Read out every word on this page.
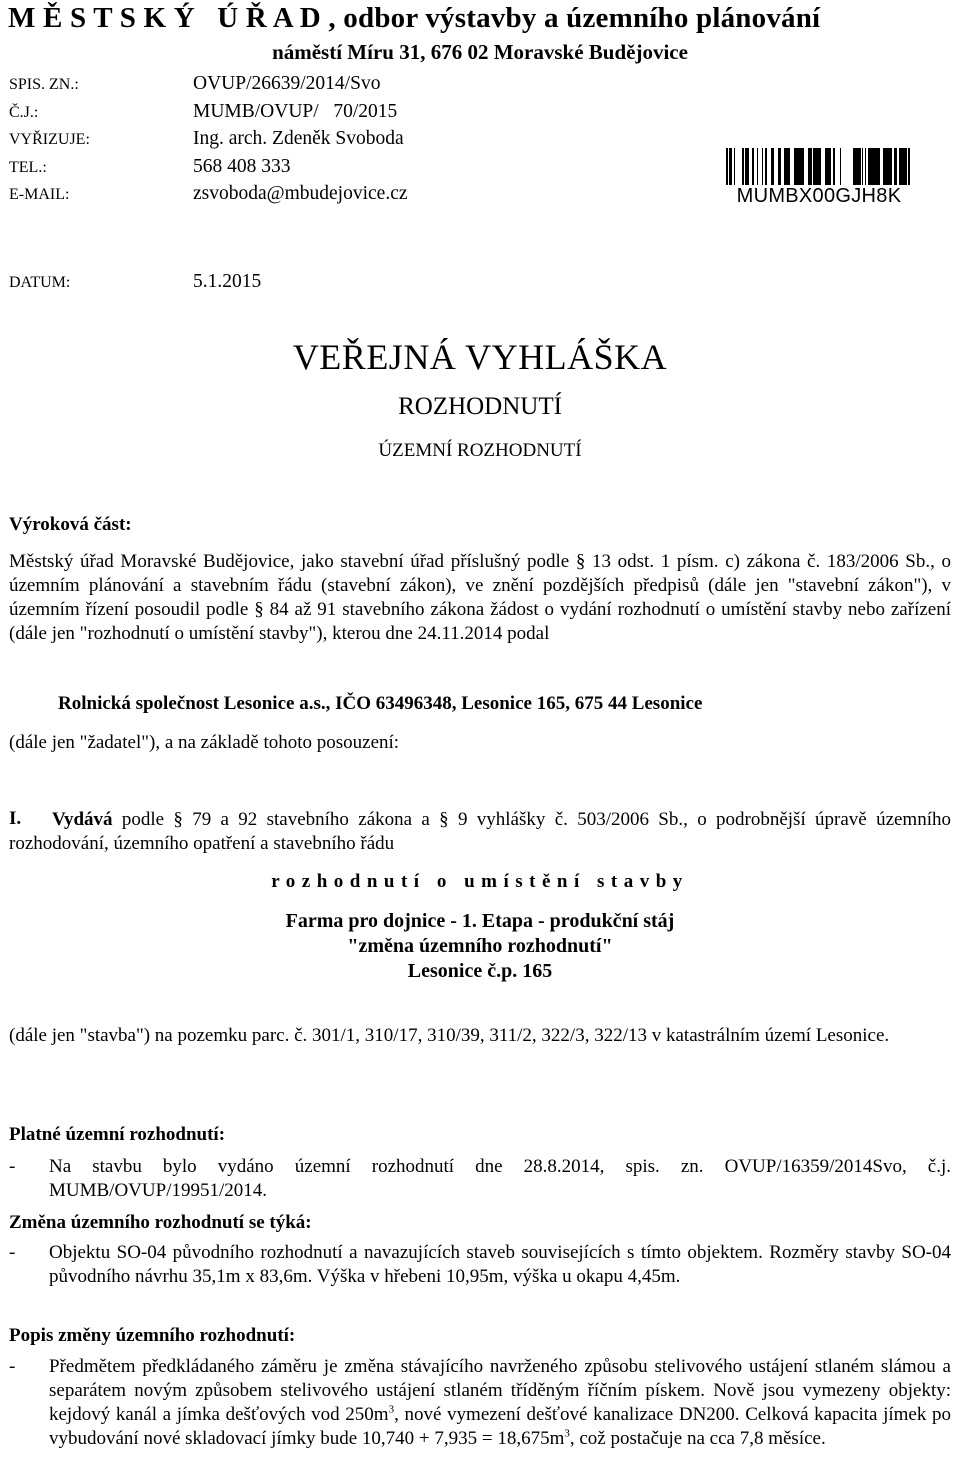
M Ě S T S K Ý   Ú Ř A D , odbor výstavby a územního plánování
náměstí Míru 31, 676 02 Moravské Budějovice
SPIS. ZN.:	OVUP/26639/2014/Svo
Č.J.:	MUMB/OVUP/   70/2015
VYŘIZUJE:	Ing. arch. Zdeněk Svoboda
TEL.:	568 408 333
E-MAIL:	zsvoboda@mbudejovice.cz	MUMBX00GJH8K
DATUM:	5.1.2015
VEŘEJNÁ VYHLÁŠKA
ROZHODNUTÍ
ÚZEMNÍ ROZHODNUTÍ
Výroková část:

Městský úřad Moravské Budějovice, jako stavební úřad příslušný podle § 13 odst. 1 písm. c) zákona č. 183/2006 Sb., o územním plánování a stavebním řádu (stavební zákon), ve znění pozdějších předpisů (dále jen "stavební zákon"), v územním řízení posoudil podle § 84 až 91 stavebního zákona žádost o vydání rozhodnutí o umístění stavby nebo zařízení (dále jen "rozhodnutí o umístění stavby"), kterou dne 24.11.2014 podal

Rolnická společnost Lesonice a.s., IČO 63496348, Lesonice 165, 675 44 Lesonice
(dále jen "žadatel"), a na základě tohoto posouzení:
I.	Vydává podle § 79 a 92 stavebního zákona a § 9 vyhlášky č. 503/2006 Sb., o podrobnější úpravě územního rozhodování, územního opatření a stavebního řádu

rozhodnutí o umístění stavby
Farma pro dojnice - 1. Etapa - produkční stáj
"změna územního rozhodnutí"
Lesonice č.p. 165

(dále jen "stavba") na pozemku parc. č. 301/1, 310/17, 310/39, 311/2, 322/3, 322/13 v katastrálním území Lesonice.

Platné územní rozhodnutí:
- Na stavbu bylo vydáno územní rozhodnutí dne 28.8.2014, spis. zn. OVUP/16359/2014Svo, č.j. MUMB/OVUP/19951/2014.
Změna územního rozhodnutí se týká:
- Objektu SO-04 původního rozhodnutí a navazujících staveb souvisejících s tímto objektem. Rozměry stavby SO-04 původního návrhu 35,1m x 83,6m. Výška v hřebeni 10,95m, výška u okapu 4,45m.
Popis změny územního rozhodnutí:
- Předmětem předkládaného záměru je změna stávajícího navrženého způsobu stelivového ustájení stlaném slámou a separátem novým způsobem stelivového ustájení stlaném tříděným říčním pískem. Nově jsou vymezeny objekty: kejdový kanál a jímka dešťových vod $250m^3$, nové vymezení dešťové kanalizace DN200. Celková kapacita jímek po vybudování nové skladovací jímky bude $10,740 + 7,935 = 18,675m^3$, což postačuje na cca 7,8 měsíce.
